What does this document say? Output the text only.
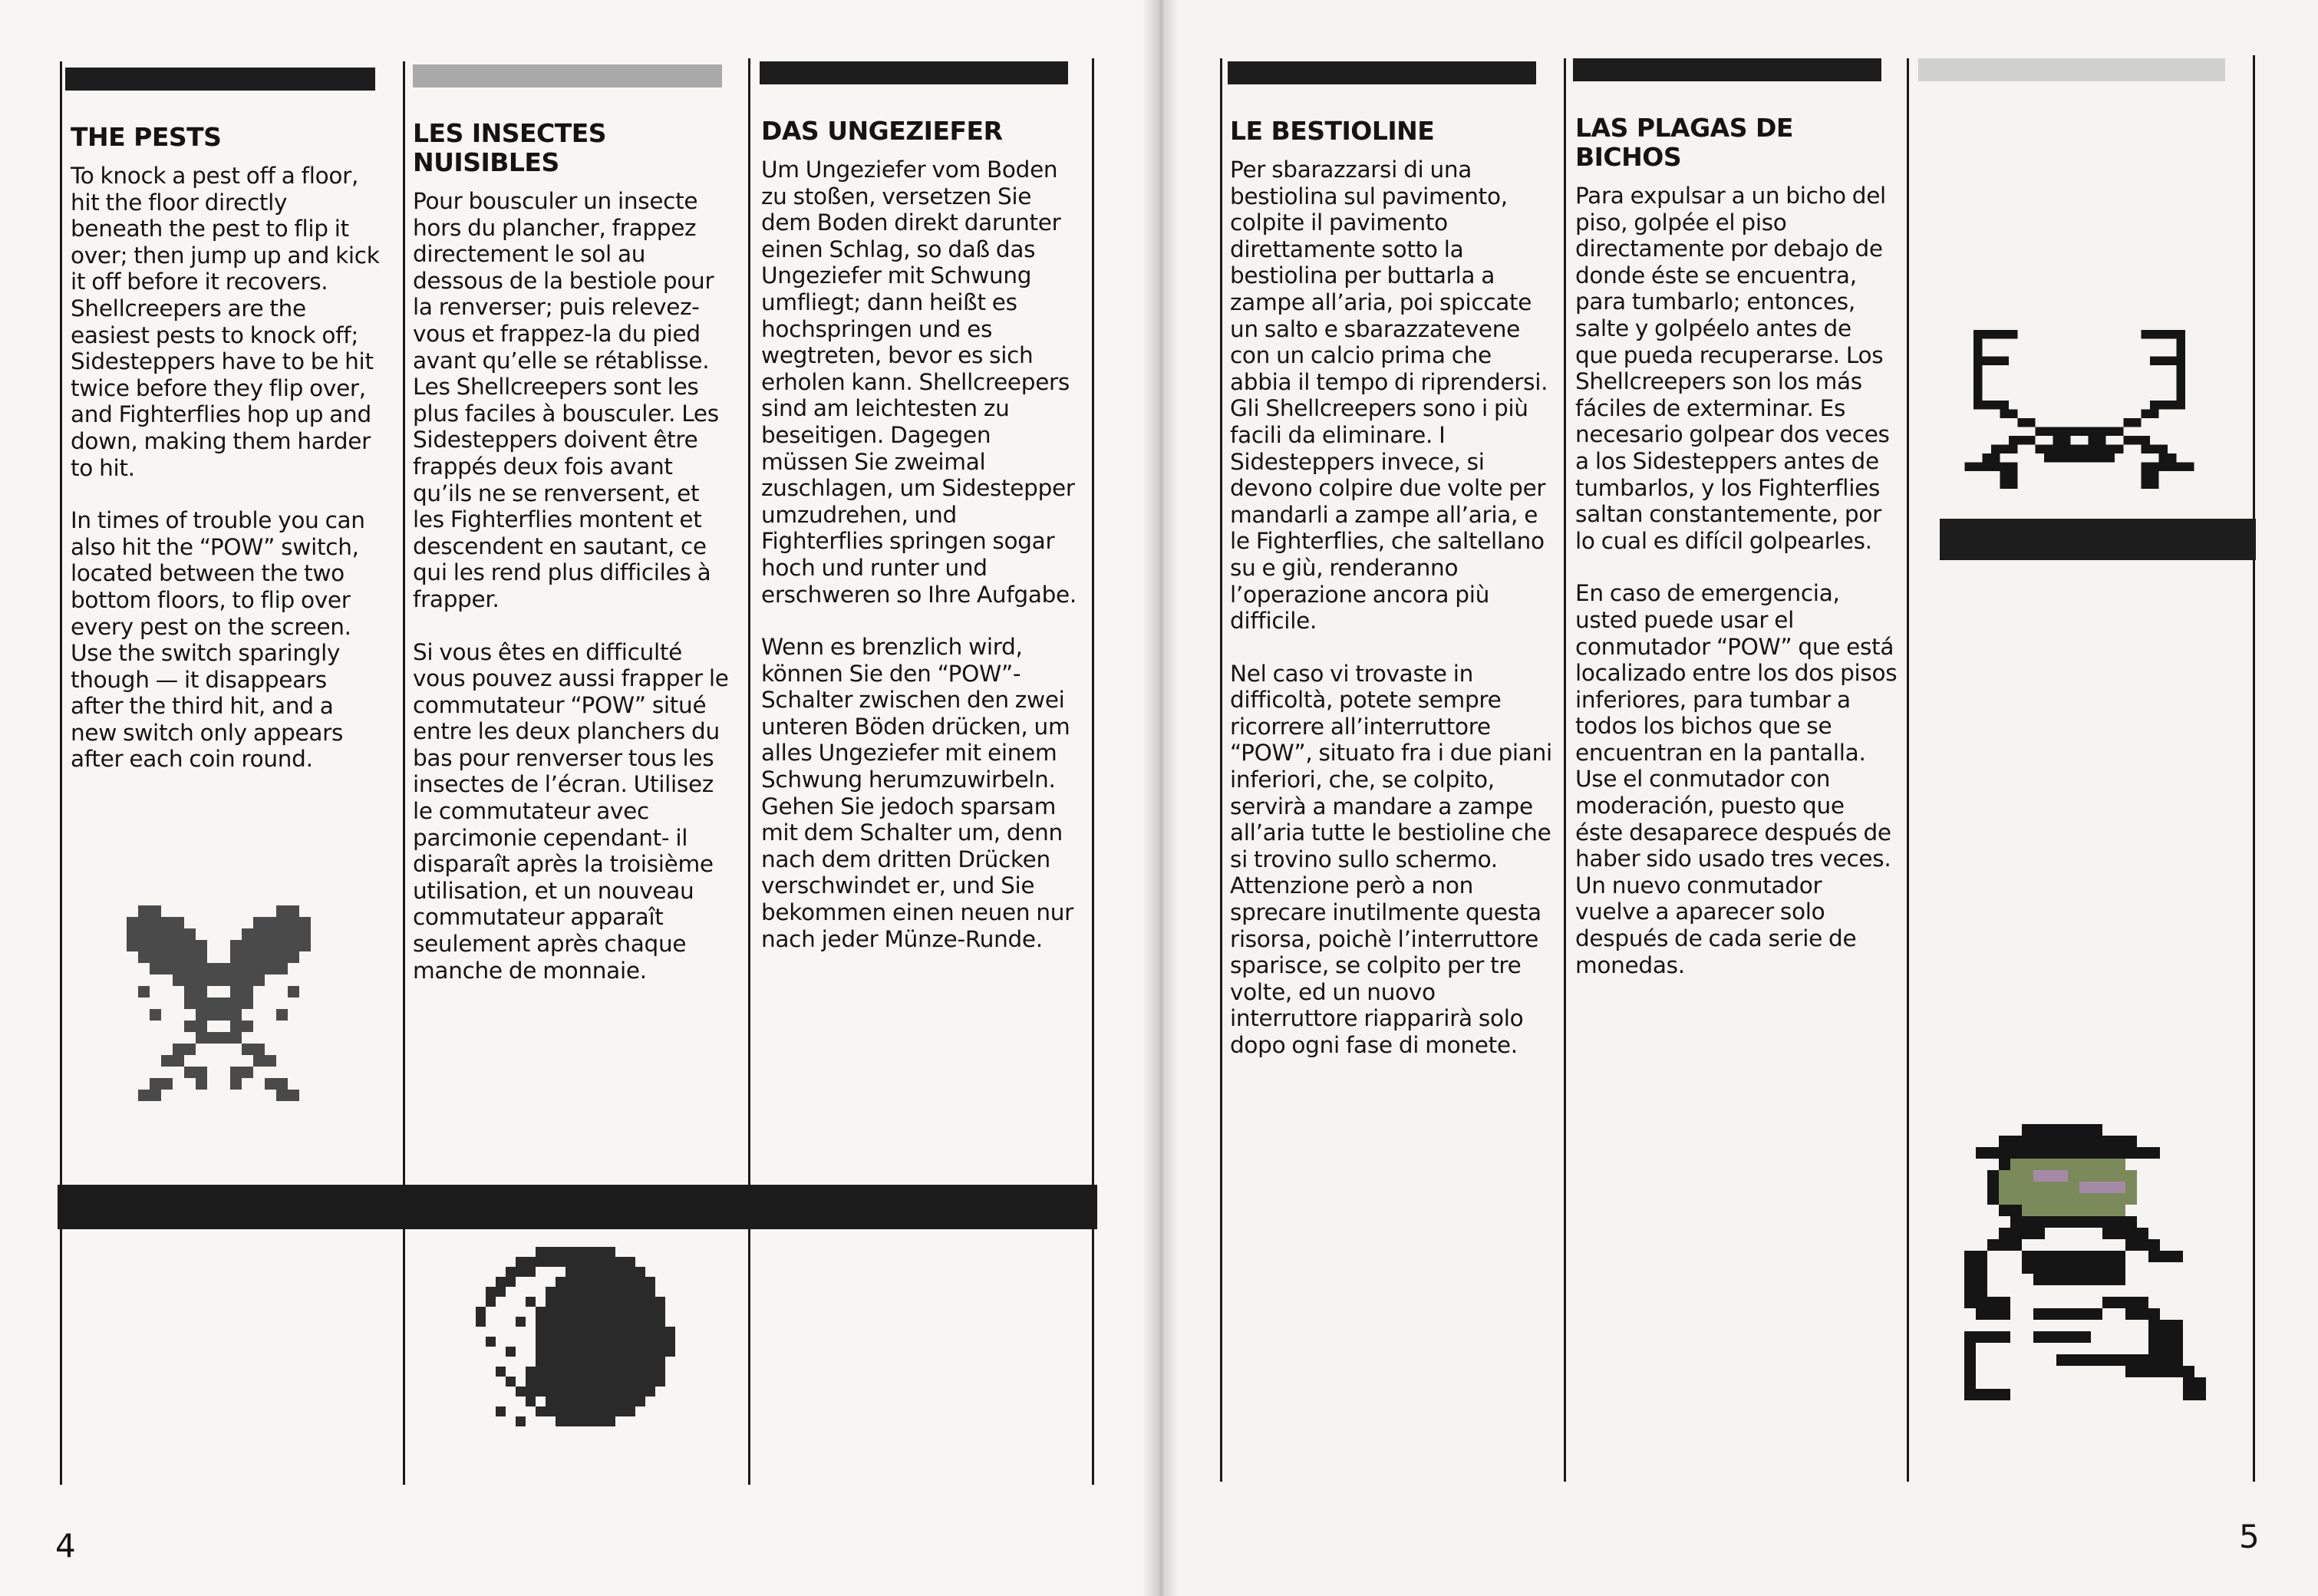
THE PESTS

To knock a pest off a floor, hit the floor directly beneath the pest to flip it over; then jump up and kick it off before it recovers. Shellcreepers are the easiest pests to knock off; Sidesteppers have to be hit twice before they flip over, and Fighterflies hop up and down, making them harder to hit.

In times of trouble you can also hit the “POW” switch, located between the two bottom floors, to flip over every pest on the screen. Use the switch sparingly though — it disappears after the third hit, and a new switch only appears after each coin round.

LES INSECTES NUISIBLES

Pour bousculer un insecte hors du plancher, frappez directement le sol au dessous de la bestiole pour la renverser; puis relevez-vous et frappez-la du pied avant qu’elle se rétablisse. Les Shellcreepers sont les plus faciles à bousculer. Les Sidesteppers doivent être frappés deux fois avant qu’ils ne se renversent, et les Fighterflies montent et descendent en sautant, ce qui les rend plus difficiles à frapper.

Si vous êtes en difficulté vous pouvez aussi frapper le commutateur “POW” situé entre les deux planchers du bas pour renverser tous les insectes de l’écran. Utilisez le commutateur avec parcimonie cependant- il disparaît après la troisième utilisation, et un nouveau commutateur apparaît seulement après chaque manche de monnaie.

DAS UNGEZIEFER

Um Ungeziefer vom Boden zu stoßen, versetzen Sie dem Boden direkt darunter einen Schlag, so daß das Ungeziefer mit Schwung umfliegt; dann heißt es hochspringen und es wegtreten, bevor es sich erholen kann. Shellcreepers sind am leichtesten zu beseitigen. Dagegen müssen Sie zweimal zuschlagen, um Sidestepper umzudrehen, und Fighterflies springen sogar hoch und runter und erschweren so Ihre Aufgabe.

Wenn es brenzlich wird, können Sie den “POW”-Schalter zwischen den zwei unteren Böden drücken, um alles Ungeziefer mit einem Schwung herumzuwirbeln. Gehen Sie jedoch sparsam mit dem Schalter um, denn nach dem dritten Drücken verschwindet er, und Sie bekommen einen neuen nur nach jeder Münze-Runde.

LE BESTIOLINE

Per sbarazzarsi di una bestiolina sul pavimento, colpite il pavimento direttamente sotto la bestiolina per buttarla a zampe all’aria, poi spiccate un salto e sbarazzatevene con un calcio prima che abbia il tempo di riprendersi. Gli Shellcreepers sono i più facili da eliminare. I Sidesteppers invece, si devono colpire due volte per mandarli a zampe all’aria, e le Fighterflies, che saltellano su e giù, renderanno l’operazione ancora più difficile.

Nel caso vi trovaste in difficoltà, potete sempre ricorrere all’interruttore “POW”, situato fra i due piani inferiori, che, se colpito, servirà a mandare a zampe all’aria tutte le bestioline che si trovino sullo schermo. Attenzione però a non sprecare inutilmente questa risorsa, poichè l’interruttore sparisce, se colpito per tre volte, ed un nuovo interruttore riapparirà solo dopo ogni fase di monete.

LAS PLAGAS DE BICHOS

Para expulsar a un bicho del piso, golpée el piso directamente por debajo de donde éste se encuentra, para tumbarlo; entonces, salte y golpéelo antes de que pueda recuperarse. Los Shellcreepers son los más fáciles de exterminar. Es necesario golpear dos veces a los Sidesteppers antes de tumbarlos, y los Fighterflies saltan constantemente, por lo cual es difícil golpearles.

En caso de emergencia, usted puede usar el conmutador “POW” que está localizado entre los dos pisos inferiores, para tumbar a todos los bichos que se encuentran en la pantalla. Use el conmutador con moderación, puesto que éste desaparece después de haber sido usado tres veces. Un nuevo conmutador vuelve a aparecer solo después de cada serie de monedas.

4	5
